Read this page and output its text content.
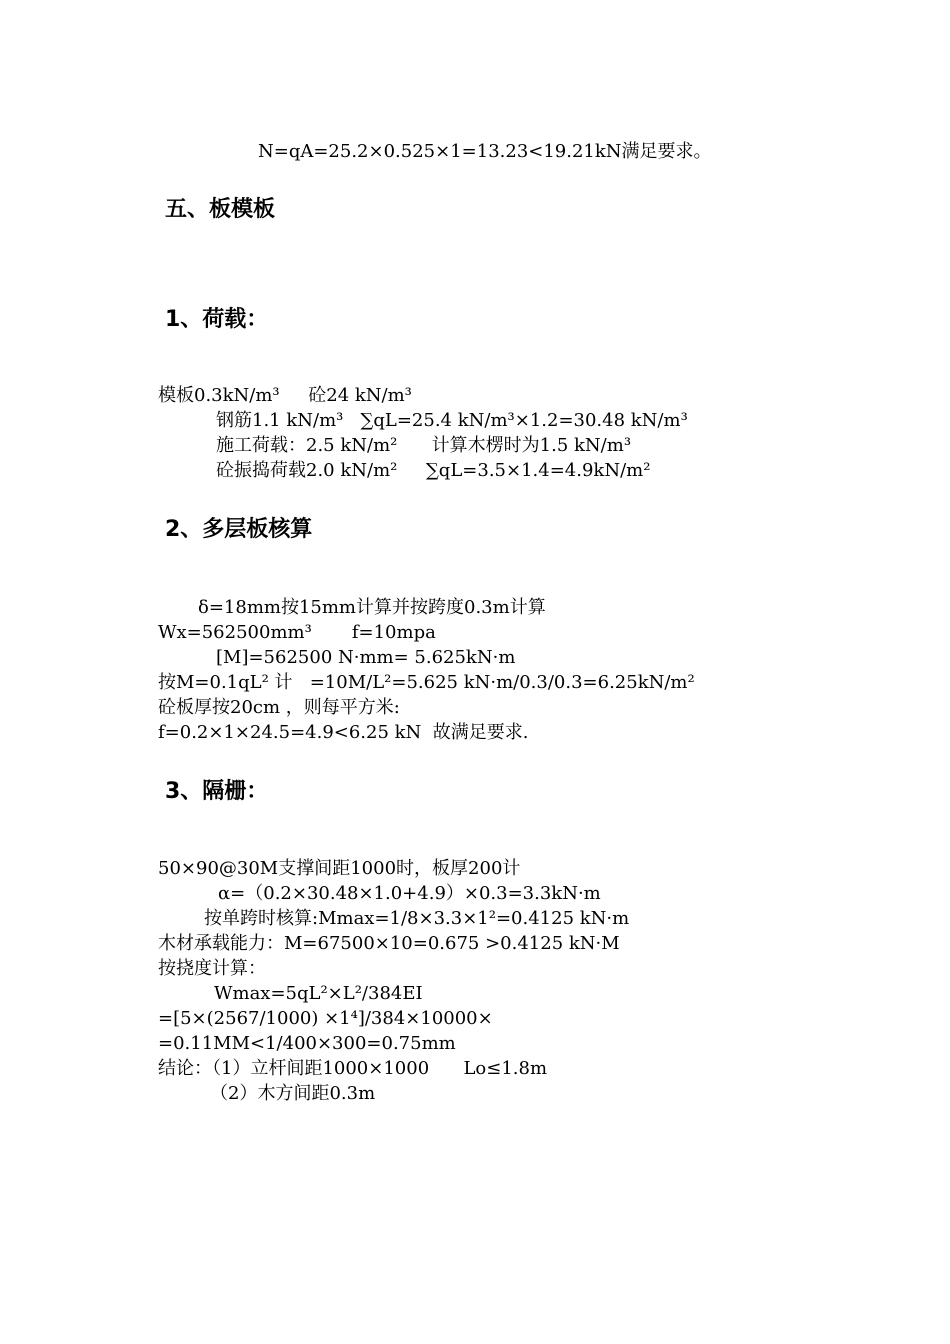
N=qA=25.2×0.525×1=13.23<19.21kN满足要求。
五、板模板
1、荷载：
模板0.3kN/m³     砼24 kN/m³
钢筋1.1 kN/m³   ∑qL=25.4 kN/m³×1.2=30.48 kN/m³
施工荷载：2.5 kN/m²      计算木楞时为1.5 kN/m³
砼振捣荷载2.0 kN/m²     ∑qL=3.5×1.4=4.9kN/m²
2、多层板核算
δ=18mm按15mm计算并按跨度0.3m计算
Wx=562500mm³       f=10mpa
[M]=562500 N·mm= 5.625kN·m
按M=0.1qL² 计   =10M/L²=5.625 kN·m/0.3/0.3=6.25kN/m²
砼板厚按20cm ，则每平方米:
f=0.2×1×24.5=4.9<6.25 kN  故满足要求.
3、隔栅：
50×90@30M支撑间距1000时，板厚200计
α=（0.2×30.48×1.0+4.9）×0.3=3.3kN·m
按单跨时核算:Mmax=1/8×3.3×1²=0.4125 kN·m
木材承载能力：M=67500×10=0.675 >0.4125 kN·M
按挠度计算：
Wmax=5qL²×L²/384EI
=[5×(2567/1000) ×1⁴]/384×10000×
=0.11MM<1/400×300=0.75mm
结论：（1）立杆间距1000×1000      Lo≤1.8m
（2）木方间距0.3m
